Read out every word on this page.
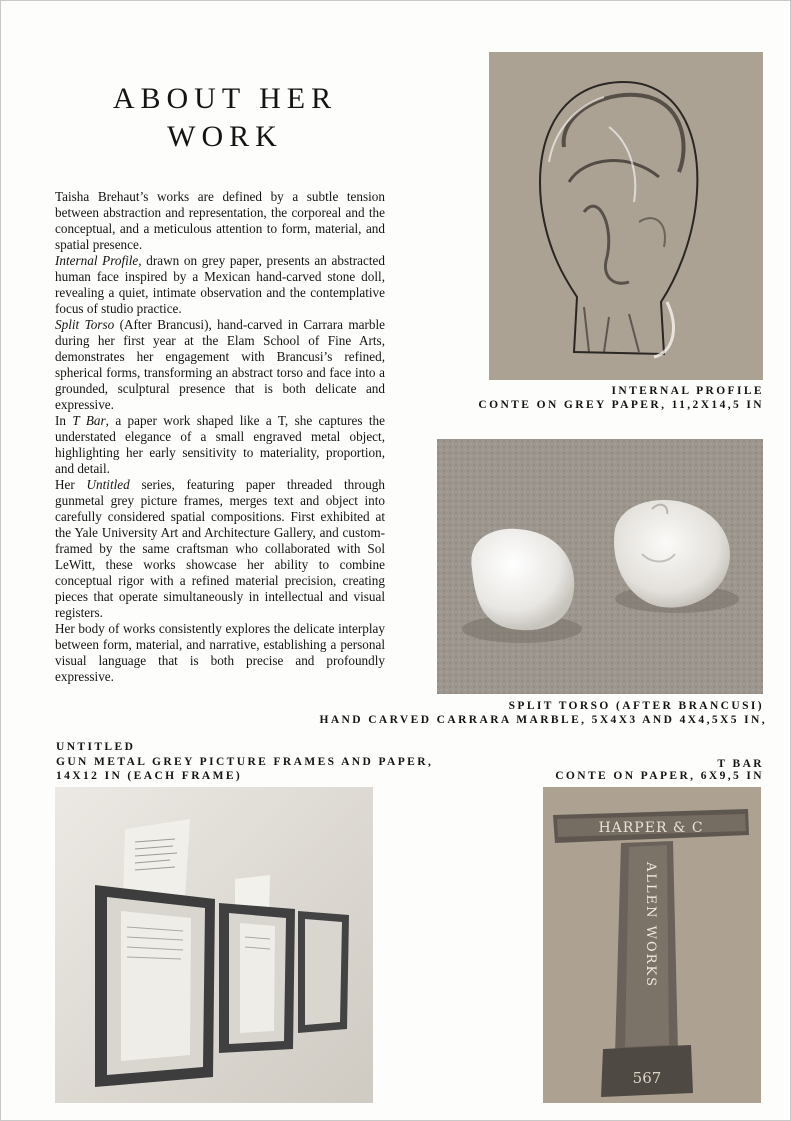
ABOUT HER
WORK

Taisha Brehaut’s works are defined by a subtle tension between abstraction and representation, the corporeal and the conceptual, and a meticulous attention to form, material, and spatial presence.

Internal Profile, drawn on grey paper, presents an abstracted human face inspired by a Mexican hand-carved stone doll, revealing a quiet, intimate observation and the contemplative focus of studio practice.

Split Torso (After Brancusi), hand-carved in Carrara marble during her first year at the Elam School of Fine Arts, demonstrates her engagement with Brancusi’s refined, spherical forms, transforming an abstract torso and face into a grounded, sculptural presence that is both delicate and expressive.

In T Bar, a paper work shaped like a T, she captures the understated elegance of a small engraved metal object, highlighting her early sensitivity to materiality, proportion, and detail.

Her Untitled series, featuring paper threaded through gunmetal grey picture frames, merges text and object into carefully considered spatial compositions. First exhibited at the Yale University Art and Architecture Gallery, and custom-framed by the same craftsman who collaborated with Sol LeWitt, these works showcase her ability to combine conceptual rigor with a refined material precision, creating pieces that operate simultaneously in intellectual and visual registers.

Her body of works consistently explores the delicate interplay between form, material, and narrative, establishing a personal visual language that is both precise and profoundly expressive.

INTERNAL PROFILE
CONTE ON GREY PAPER, 11,2X14,5 IN
SPLIT TORSO (AFTER BRANCUSI)
HAND CARVED CARRARA MARBLE, 5X4X3 AND 4X4,5X5 IN,
UNTITLED
GUN METAL GREY PICTURE FRAMES AND PAPER,
14X12 IN (EACH FRAME)
T BAR
CONTE ON PAPER, 6X9,5 IN
HARPER & C
ALLEN WORKS
567
